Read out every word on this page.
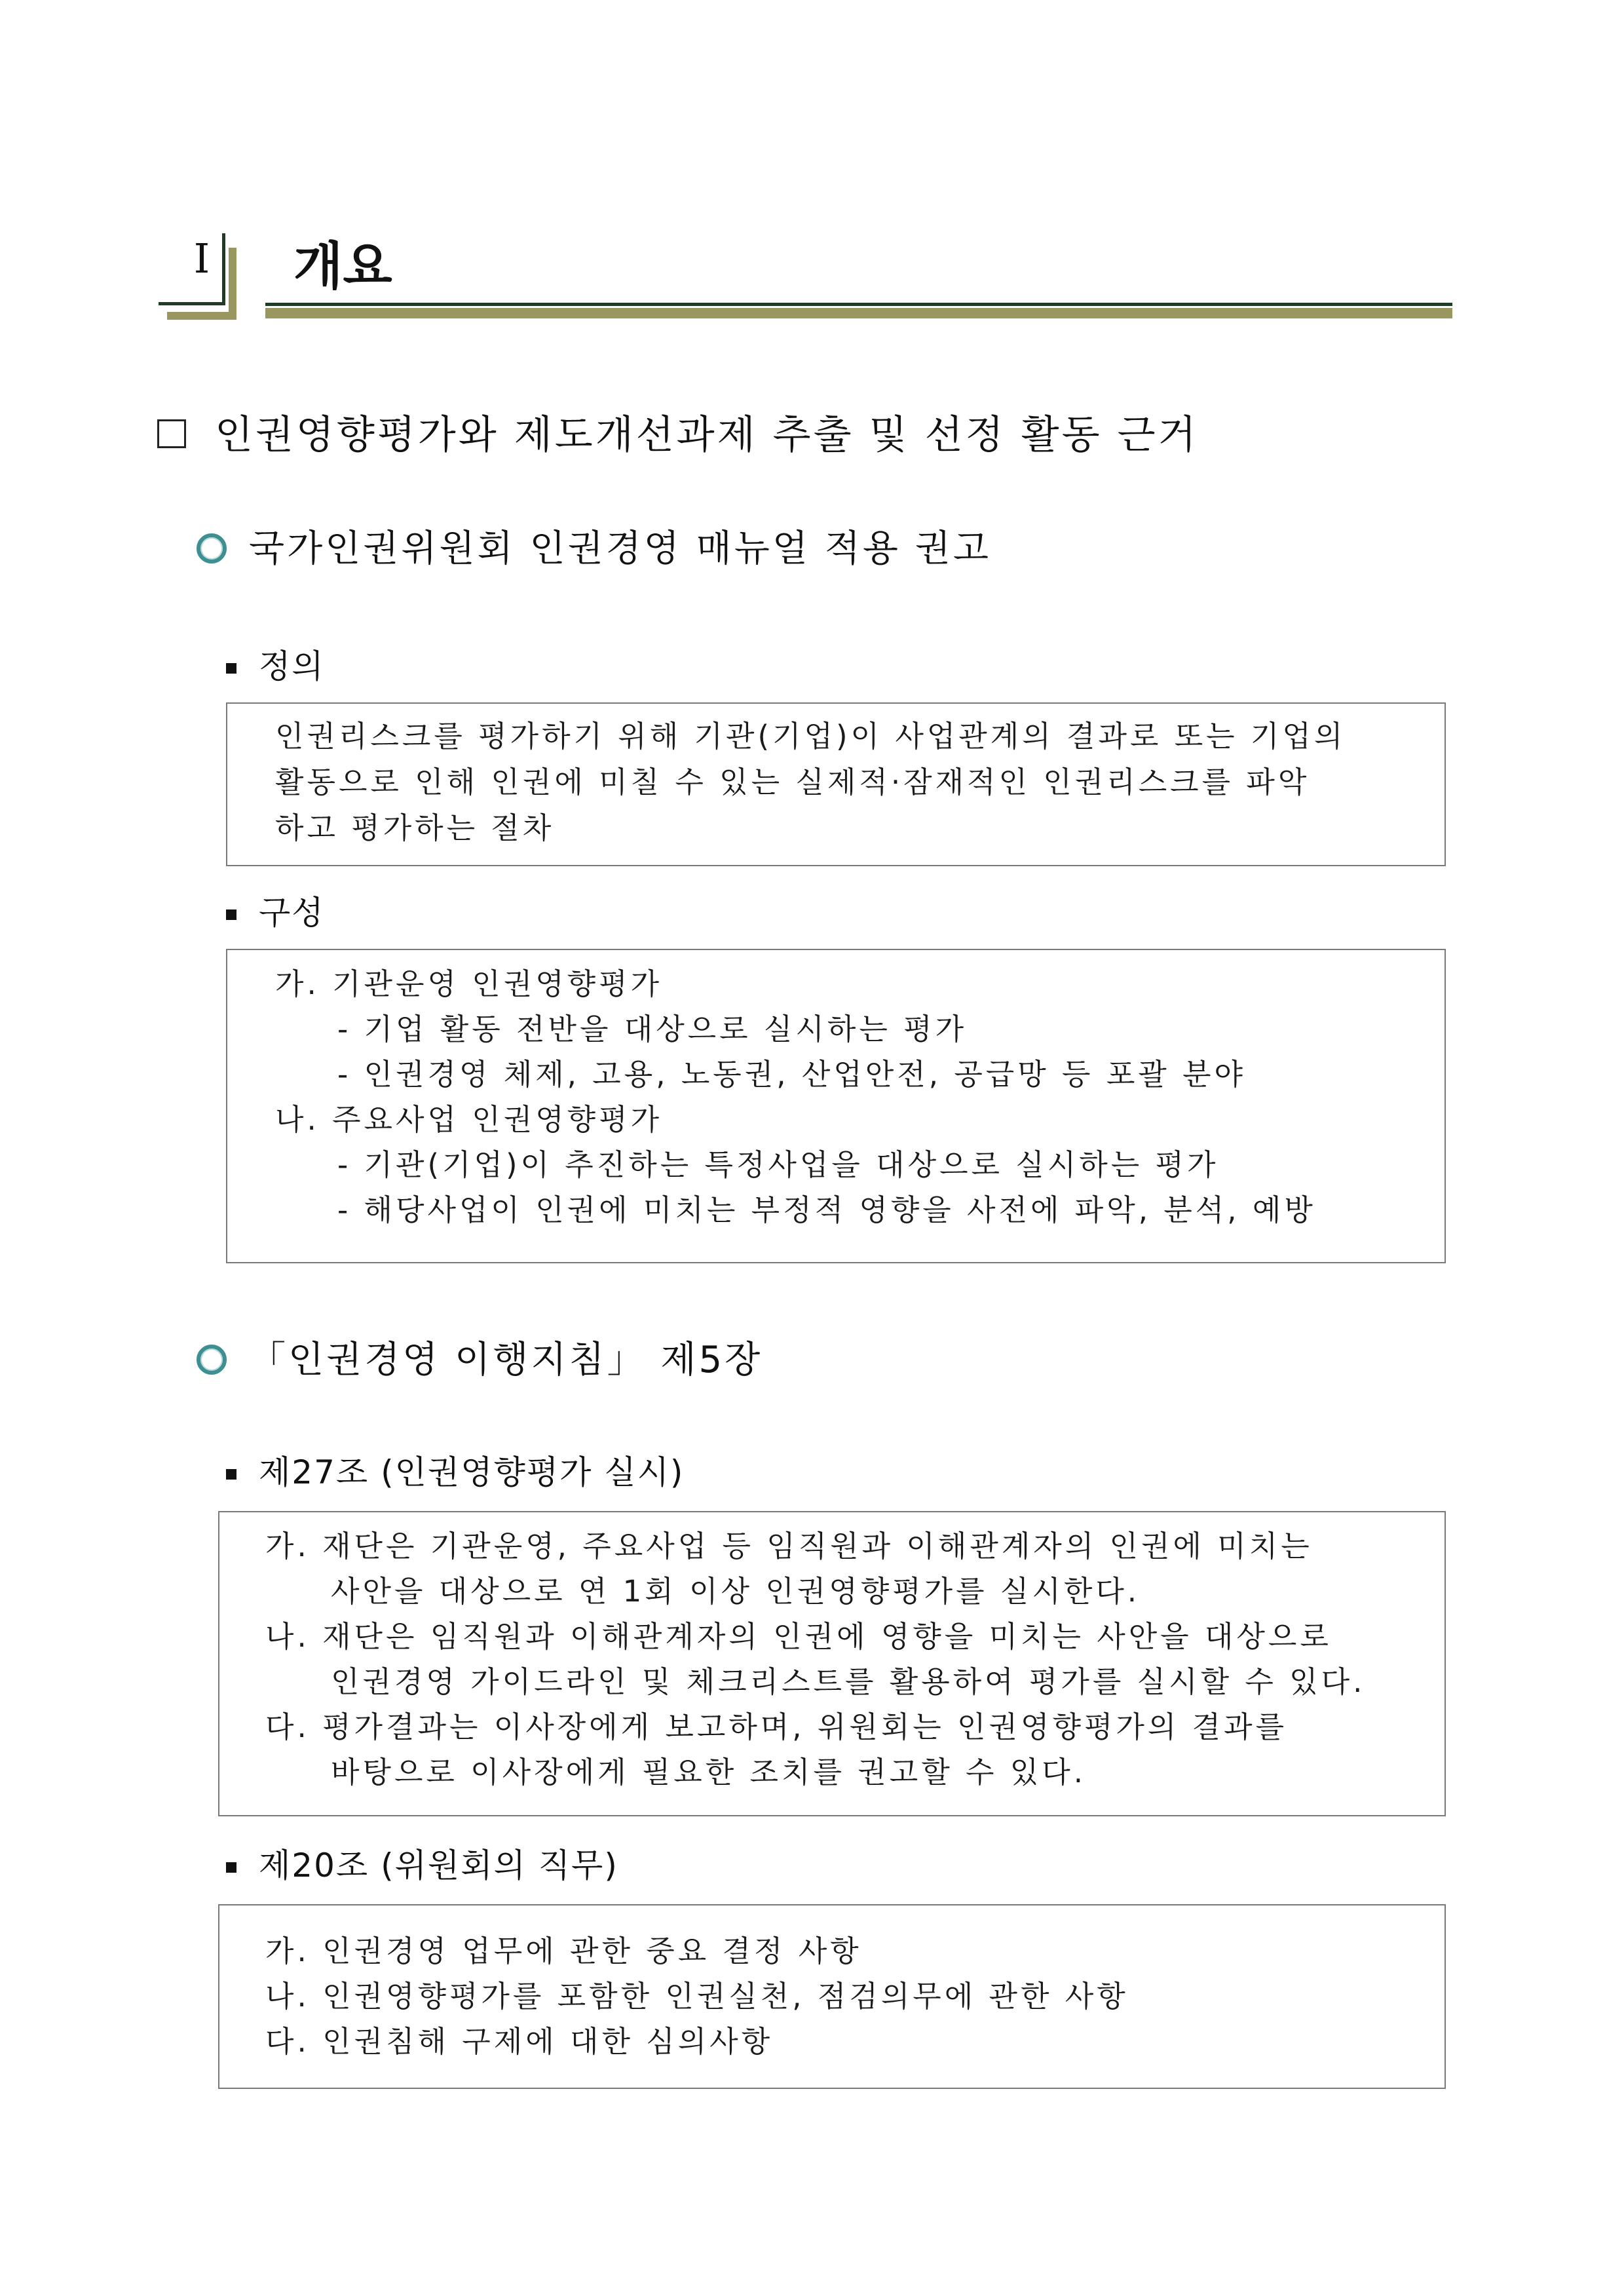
I	개요
인권영향평가와 제도개선과제 추출 및 선정 활동 근거
국가인권위원회 인권경영 매뉴얼 적용 권고
정의
인권리스크를 평가하기 위해 기관(기업)이 사업관계의 결과로 또는 기업의
활동으로 인해 인권에 미칠 수 있는 실제적·잠재적인 인권리스크를 파악
하고 평가하는 절차
구성
가. 기관운영 인권영향평가
- 기업 활동 전반을 대상으로 실시하는 평가
- 인권경영 체제, 고용, 노동권, 산업안전, 공급망 등 포괄 분야
나. 주요사업 인권영향평가
- 기관(기업)이 추진하는 특정사업을 대상으로 실시하는 평가
- 해당사업이 인권에 미치는 부정적 영향을 사전에 파악, 분석, 예방
「인권경영 이행지침」 제5장
제27조 (인권영향평가 실시)
가. 재단은 기관운영, 주요사업 등 임직원과 이해관계자의 인권에 미치는
사안을 대상으로 연 1회 이상 인권영향평가를 실시한다.
나. 재단은 임직원과 이해관계자의 인권에 영향을 미치는 사안을 대상으로
인권경영 가이드라인 및 체크리스트를 활용하여 평가를 실시할 수 있다.
다. 평가결과는 이사장에게 보고하며, 위원회는 인권영향평가의 결과를
바탕으로 이사장에게 필요한 조치를 권고할 수 있다.
제20조 (위원회의 직무)
가. 인권경영 업무에 관한 중요 결정 사항
나. 인권영향평가를 포함한 인권실천, 점검의무에 관한 사항
다. 인권침해 구제에 대한 심의사항
